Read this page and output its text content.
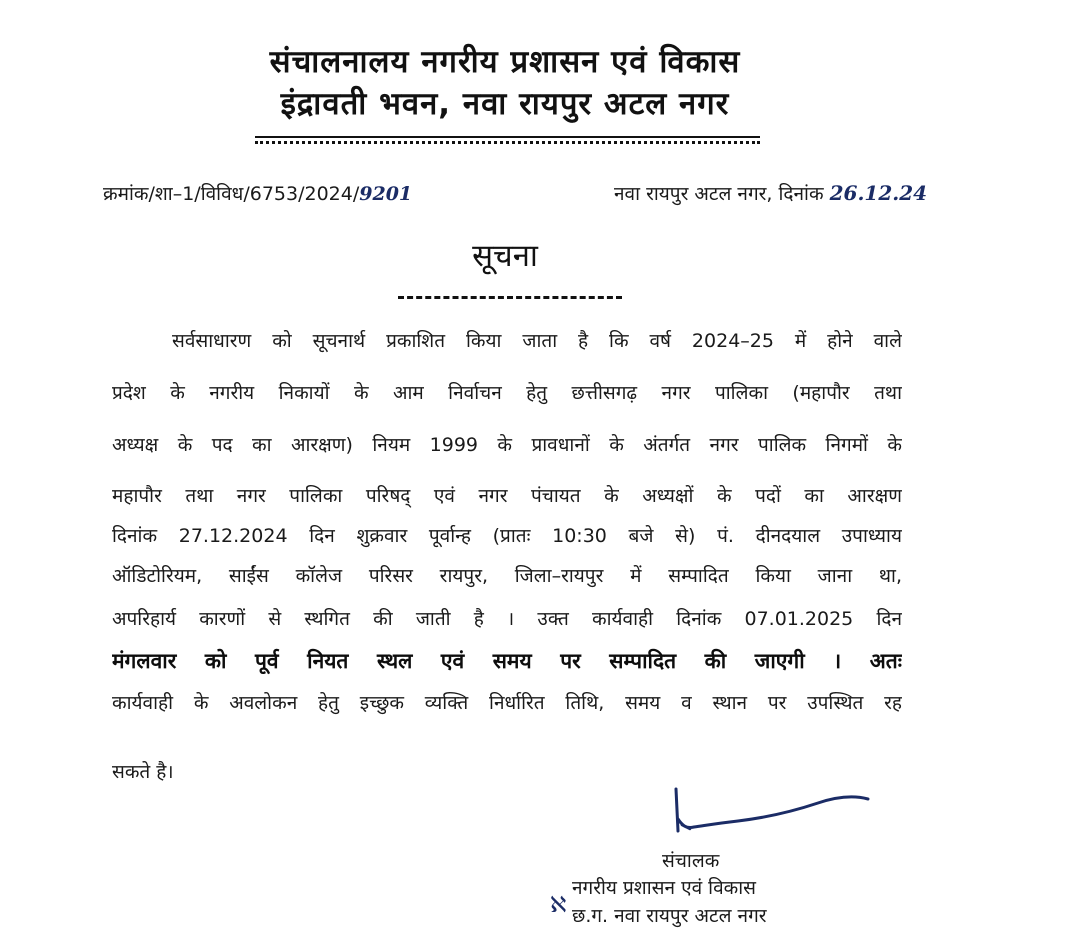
संचालनालय नगरीय प्रशासन एवं विकास
इंद्रावती भवन, नवा रायपुर अटल नगर
क्रमांक/शा–1/विविध/6753/2024/9201	नवा रायपुर अटल नगर, दिनांक 26.12.24
सूचना
सर्वसाधारण को सूचनार्थ प्रकाशित किया जाता है कि वर्ष 2024–25 में होने वाले
प्रदेश के नगरीय निकायों के आम निर्वाचन हेतु छत्तीसगढ़ नगर पालिका (महापौर तथा
अध्यक्ष के पद का आरक्षण) नियम 1999 के प्रावधानों के अंतर्गत नगर पालिक निगमों के
महापौर तथा नगर पालिका परिषद् एवं नगर पंचायत के अध्यक्षों के पदों का आरक्षण
दिनांक 27.12.2024 दिन शुक्रवार पूर्वान्ह (प्रातः 10:30 बजे से) पं. दीनदयाल उपाध्याय
ऑडिटोरियम, साईंस कॉलेज परिसर रायपुर, जिला–रायपुर में सम्पादित किया जाना था,
अपरिहार्य कारणों से स्थगित की जाती है । उक्त कार्यवाही दिनांक 07.01.2025 दिन
मंगलवार को पूर्व नियत स्थल एवं समय पर सम्पादित की जाएगी । अतः
कार्यवाही के अवलोकन हेतु इच्छुक व्यक्ति निर्धारित तिथि, समय व स्थान पर उपस्थित रह
सकते है।
संचालक
नगरीय प्रशासन एवं विकास
ℵ छ.ग. नवा रायपुर अटल नगर
